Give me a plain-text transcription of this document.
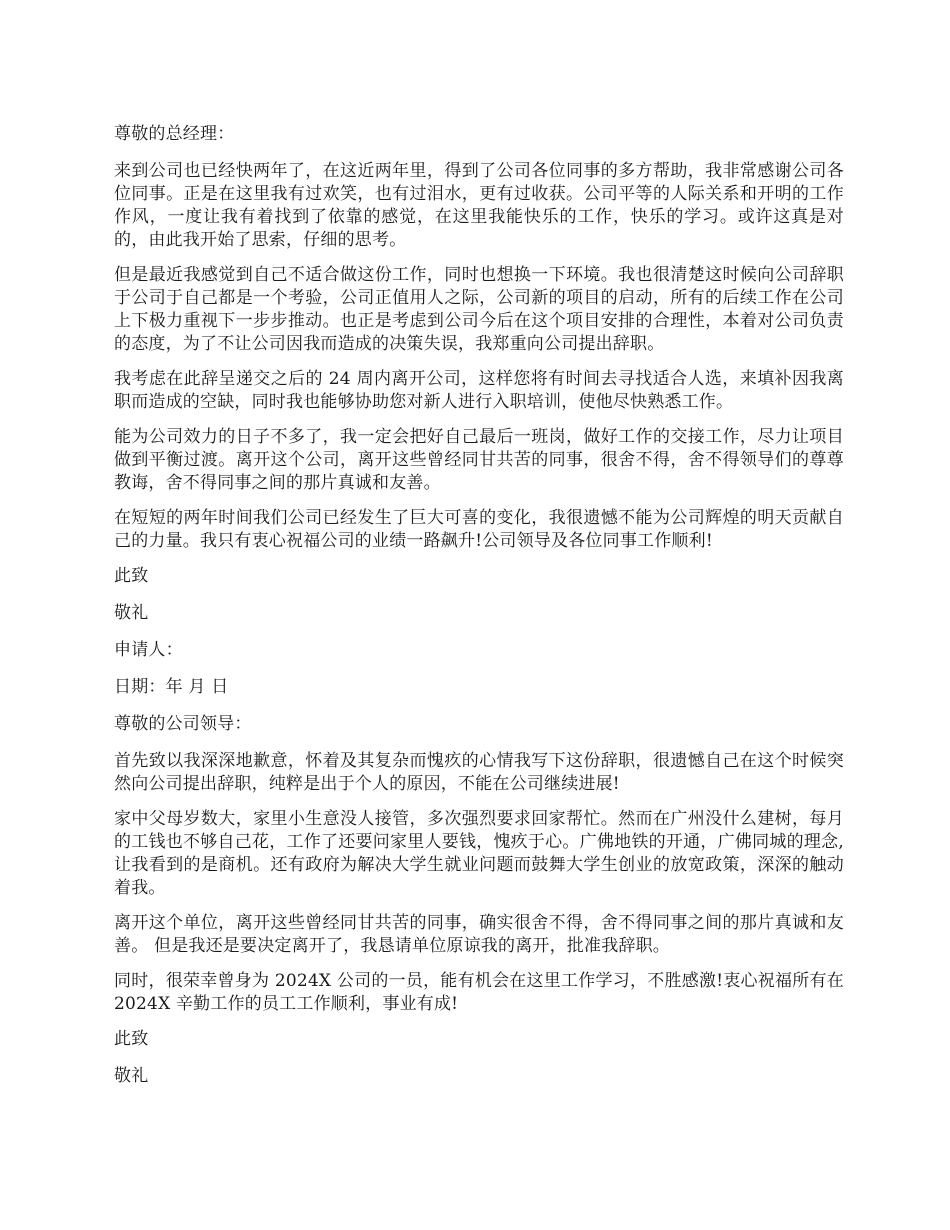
尊敬的总经理：

来到公司也已经快两年了，在这近两年里，得到了公司各位同事的多方帮助，我非常感谢公司各位同事。正是在这里我有过欢笑，也有过泪水，更有过收获。公司平等的人际关系和开明的工作作风，一度让我有着找到了依靠的感觉，在这里我能快乐的工作，快乐的学习。或许这真是对的，由此我开始了思索，仔细的思考。

但是最近我感觉到自己不适合做这份工作，同时也想换一下环境。我也很清楚这时候向公司辞职于公司于自己都是一个考验，公司正值用人之际，公司新的项目的启动，所有的后续工作在公司上下极力重视下一步步推动。也正是考虑到公司今后在这个项目安排的合理性，本着对公司负责的态度，为了不让公司因我而造成的决策失误，我郑重向公司提出辞职。

我考虑在此辞呈递交之后的 24 周内离开公司，这样您将有时间去寻找适合人选，来填补因我离职而造成的空缺，同时我也能够协助您对新人进行入职培训，使他尽快熟悉工作。

能为公司效力的日子不多了，我一定会把好自己最后一班岗，做好工作的交接工作，尽力让项目做到平衡过渡。离开这个公司，离开这些曾经同甘共苦的同事，很舍不得，舍不得领导们的尊尊教诲，舍不得同事之间的那片真诚和友善。

在短短的两年时间我们公司已经发生了巨大可喜的变化，我很遗憾不能为公司辉煌的明天贡献自己的力量。我只有衷心祝福公司的业绩一路飙升!公司领导及各位同事工作顺利!

此致

敬礼

申请人：

日期：年 月 日

尊敬的公司领导：

首先致以我深深地歉意，怀着及其复杂而愧疚的心情我写下这份辞职，很遗憾自己在这个时候突然向公司提出辞职，纯粹是出于个人的原因，不能在公司继续进展!

家中父母岁数大，家里小生意没人接管，多次强烈要求回家帮忙。然而在广州没什么建树，每月的工钱也不够自己花，工作了还要问家里人要钱，愧疚于心。广佛地铁的开通，广佛同城的理念,让我看到的是商机。还有政府为解决大学生就业问题而鼓舞大学生创业的放宽政策，深深的触动着我。

离开这个单位，离开这些曾经同甘共苦的同事，确实很舍不得，舍不得同事之间的那片真诚和友善。 但是我还是要决定离开了，我恳请单位原谅我的离开，批准我辞职。

同时，很荣幸曾身为 2024X 公司的一员，能有机会在这里工作学习，不胜感激!衷心祝福所有在 2024X 辛勤工作的员工工作顺利，事业有成!

此致

敬礼
